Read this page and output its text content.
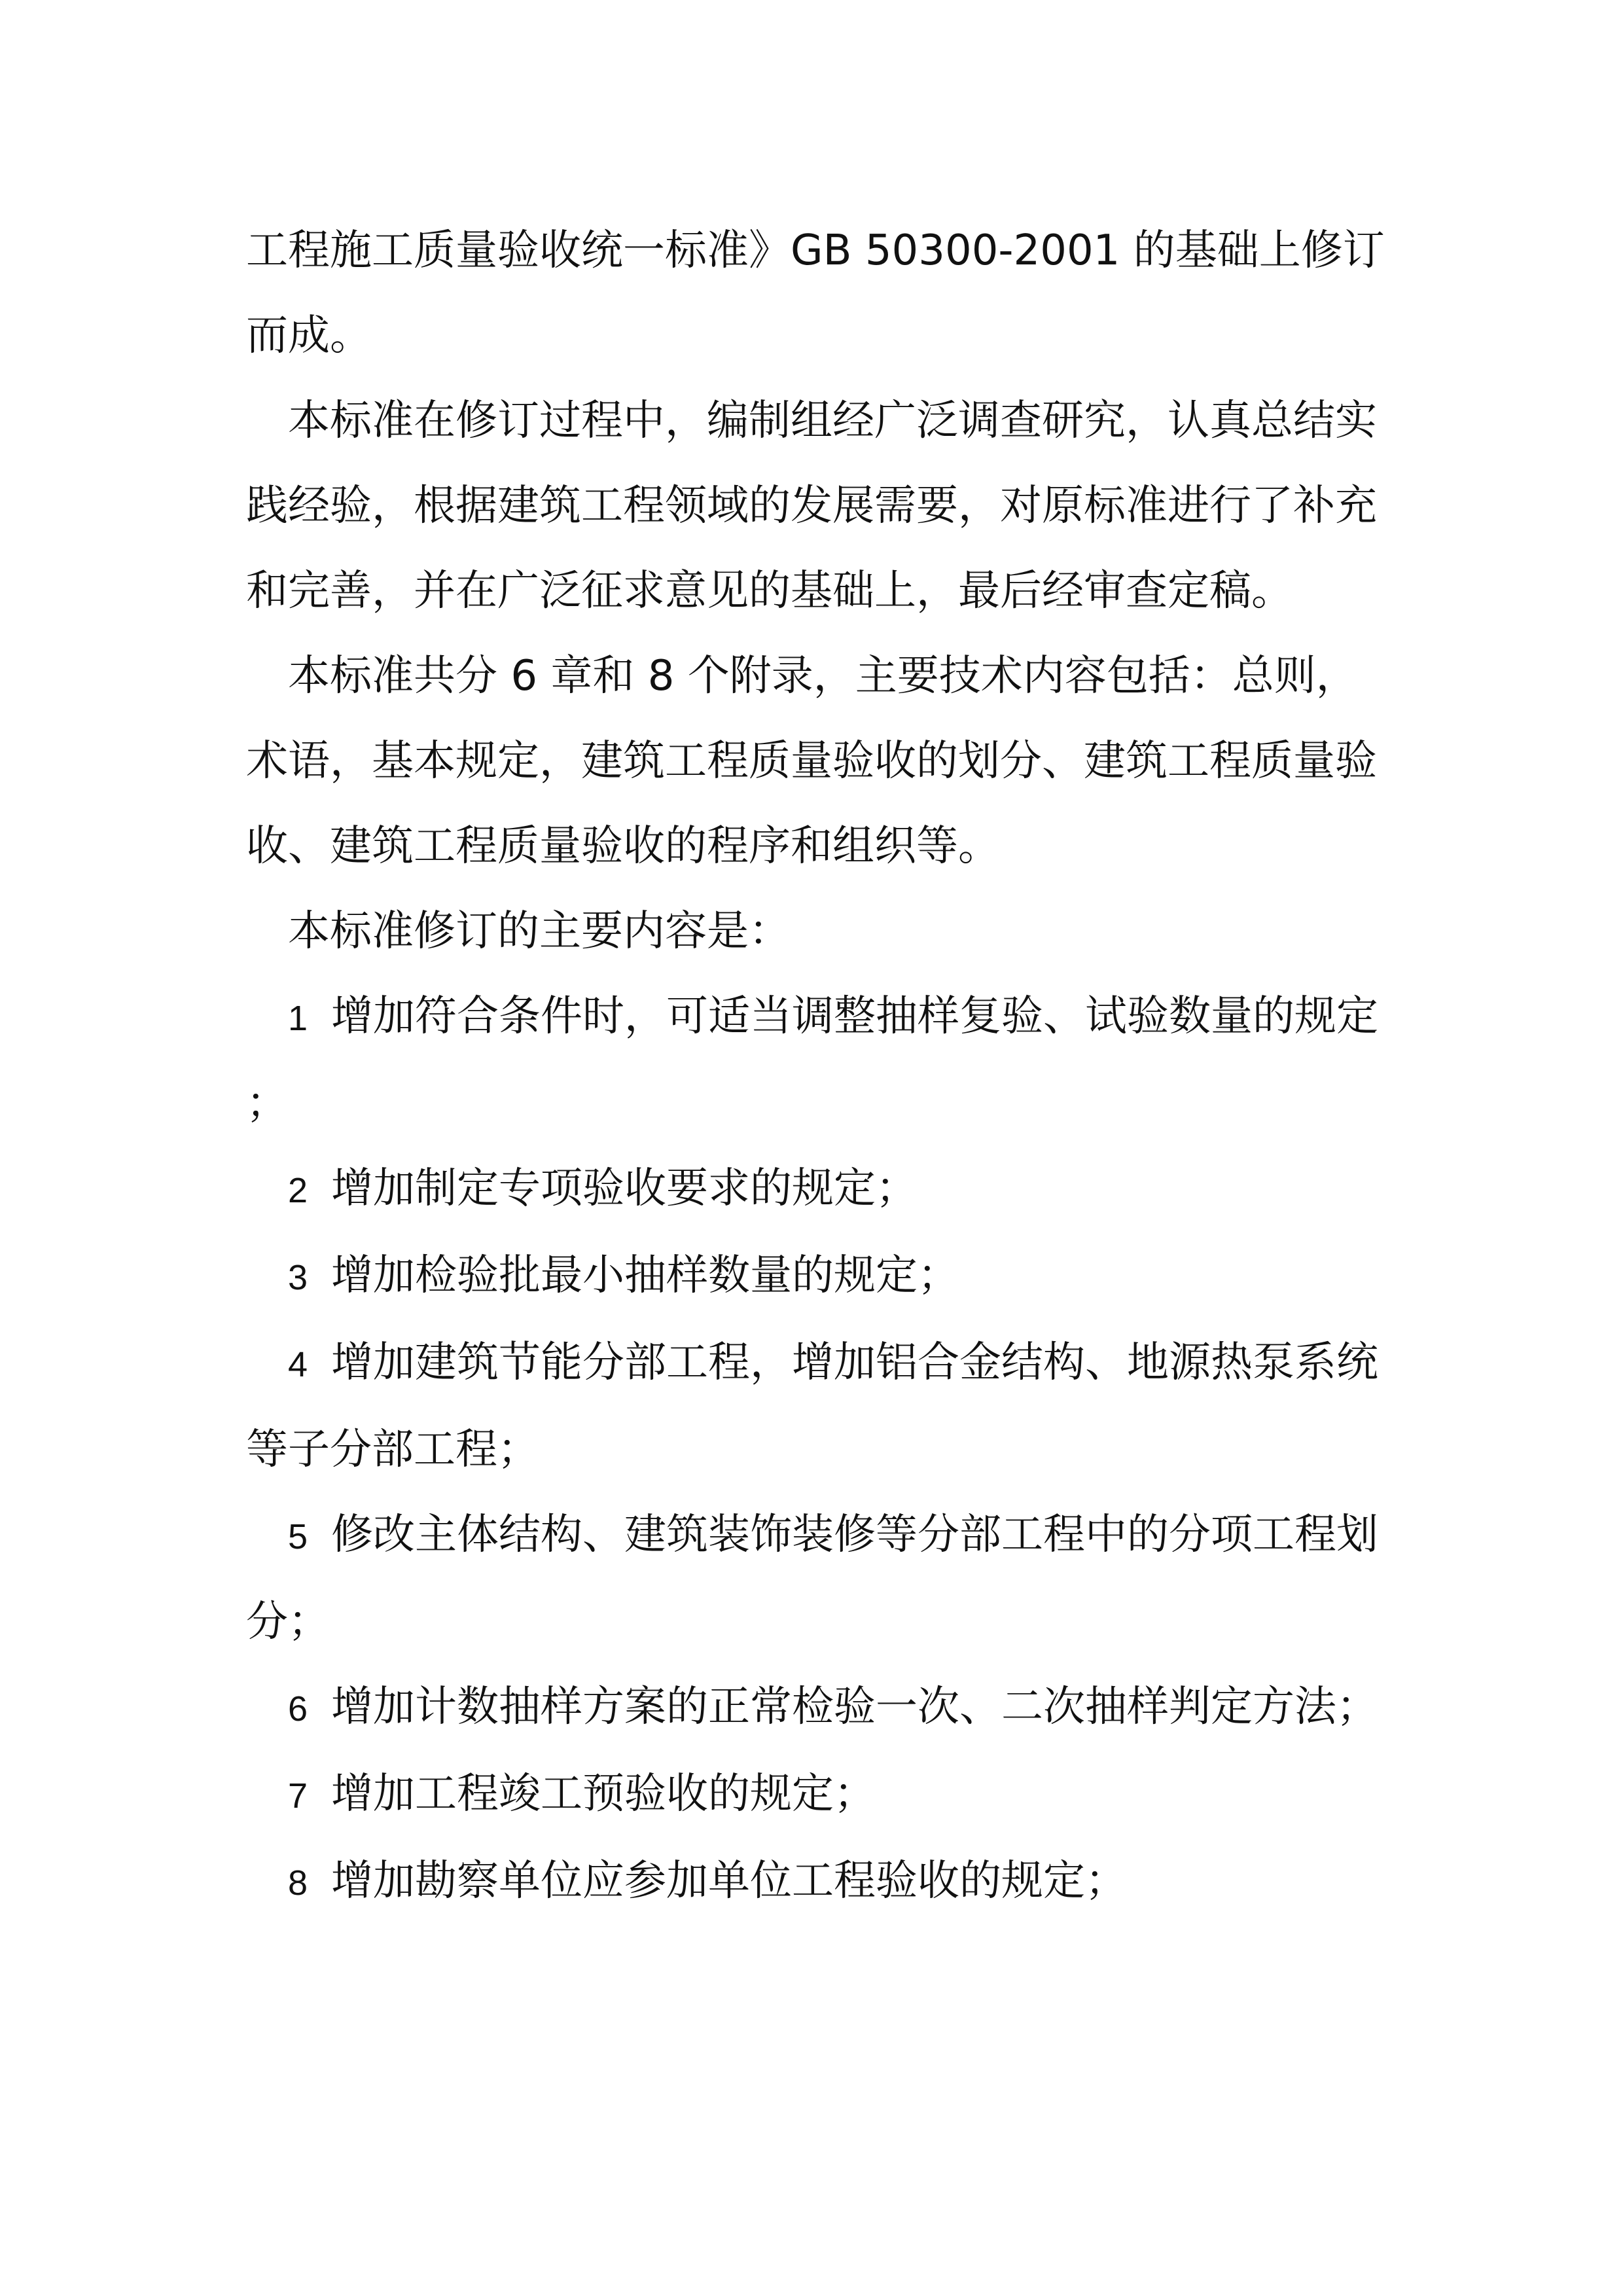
工程施工质量验收统一标准》GB 50300-2001 的基础上修订而成。

本标准在修订过程中，编制组经广泛调查研究，认真总结实践经验，根据建筑工程领域的发展需要，对原标准进行了补充和完善，并在广泛征求意见的基础上，最后经审查定稿。

本标准共分 6 章和 8 个附录，主要技术内容包括：总则，术语，基本规定，建筑工程质量验收的划分、建筑工程质量验收、建筑工程质量验收的程序和组织等。

本标准修订的主要内容是：

1 增加符合条件时，可适当调整抽样复验、试验数量的规定；

2 增加制定专项验收要求的规定；

3 增加检验批最小抽样数量的规定；

4 增加建筑节能分部工程，增加铝合金结构、地源热泵系统等子分部工程；

5 修改主体结构、建筑装饰装修等分部工程中的分项工程划分；

6 增加计数抽样方案的正常检验一次、二次抽样判定方法；

7 增加工程竣工预验收的规定；

8 增加勘察单位应参加单位工程验收的规定；
